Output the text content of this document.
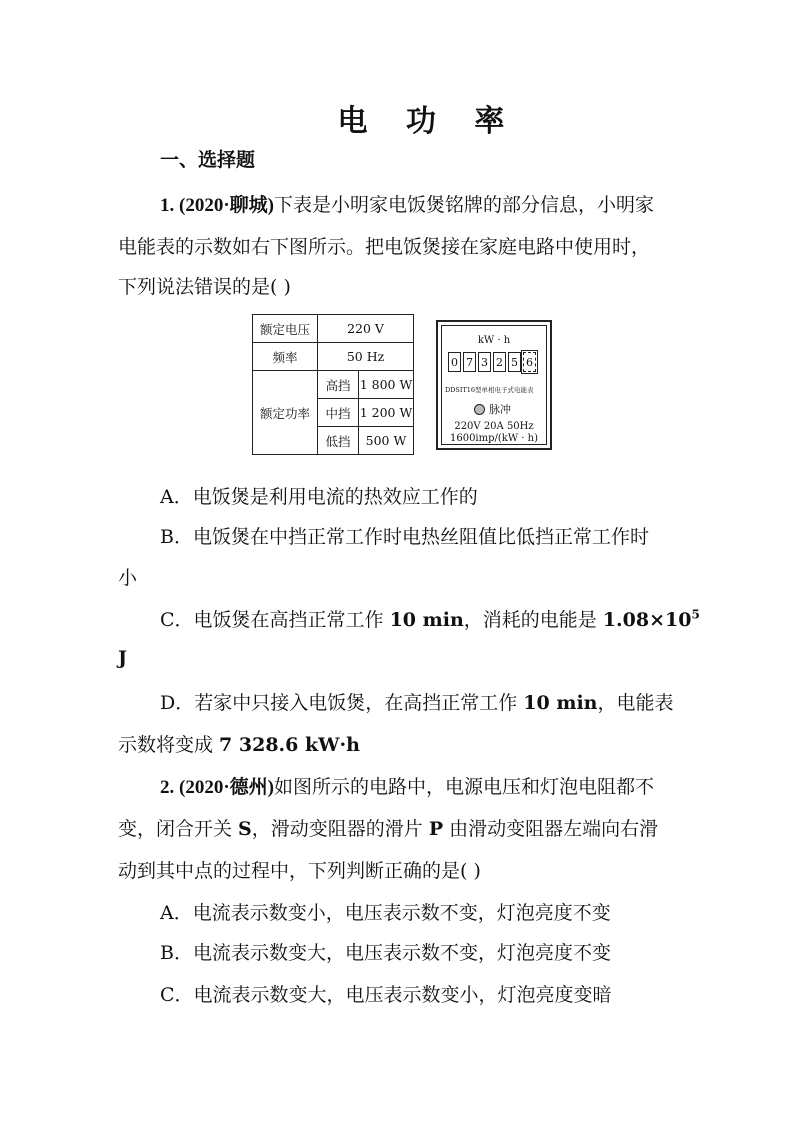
电 功 率
一、选择题
1. (2020·聊城)下表是小明家电饭煲铭牌的部分信息，小明家
电能表的示数如右下图所示。把电饭煲接在家庭电路中使用时，
下列说法错误的是( )
额定电压	220 V	
频率	50 Hz	
额定功率	高挡	1 800 W
	中挡	1 200 W
	低挡	500 W
kW · h
0 7 3 2 5 6
DDSIT16型单相电子式电能表
脉冲
220V 20A 50Hz
1600imp/(kW · h)
A．电饭煲是利用电流的热效应工作的
B．电饭煲在中挡正常工作时电热丝阻值比低挡正常工作时
小
C．电饭煲在高挡正常工作 10 min，消耗的电能是 $1.08\times 10^5$
J
D．若家中只接入电饭煲，在高挡正常工作 10 min，电能表
示数将变成 7 328.6 kW·h
2. (2020·德州)如图所示的电路中，电源电压和灯泡电阻都不
变，闭合开关 S，滑动变阻器的滑片 P 由滑动变阻器左端向右滑
动到其中点的过程中，下列判断正确的是( )
A．电流表示数变小，电压表示数不变，灯泡亮度不变
B．电流表示数变大，电压表示数不变，灯泡亮度不变
C．电流表示数变大，电压表示数变小，灯泡亮度变暗
